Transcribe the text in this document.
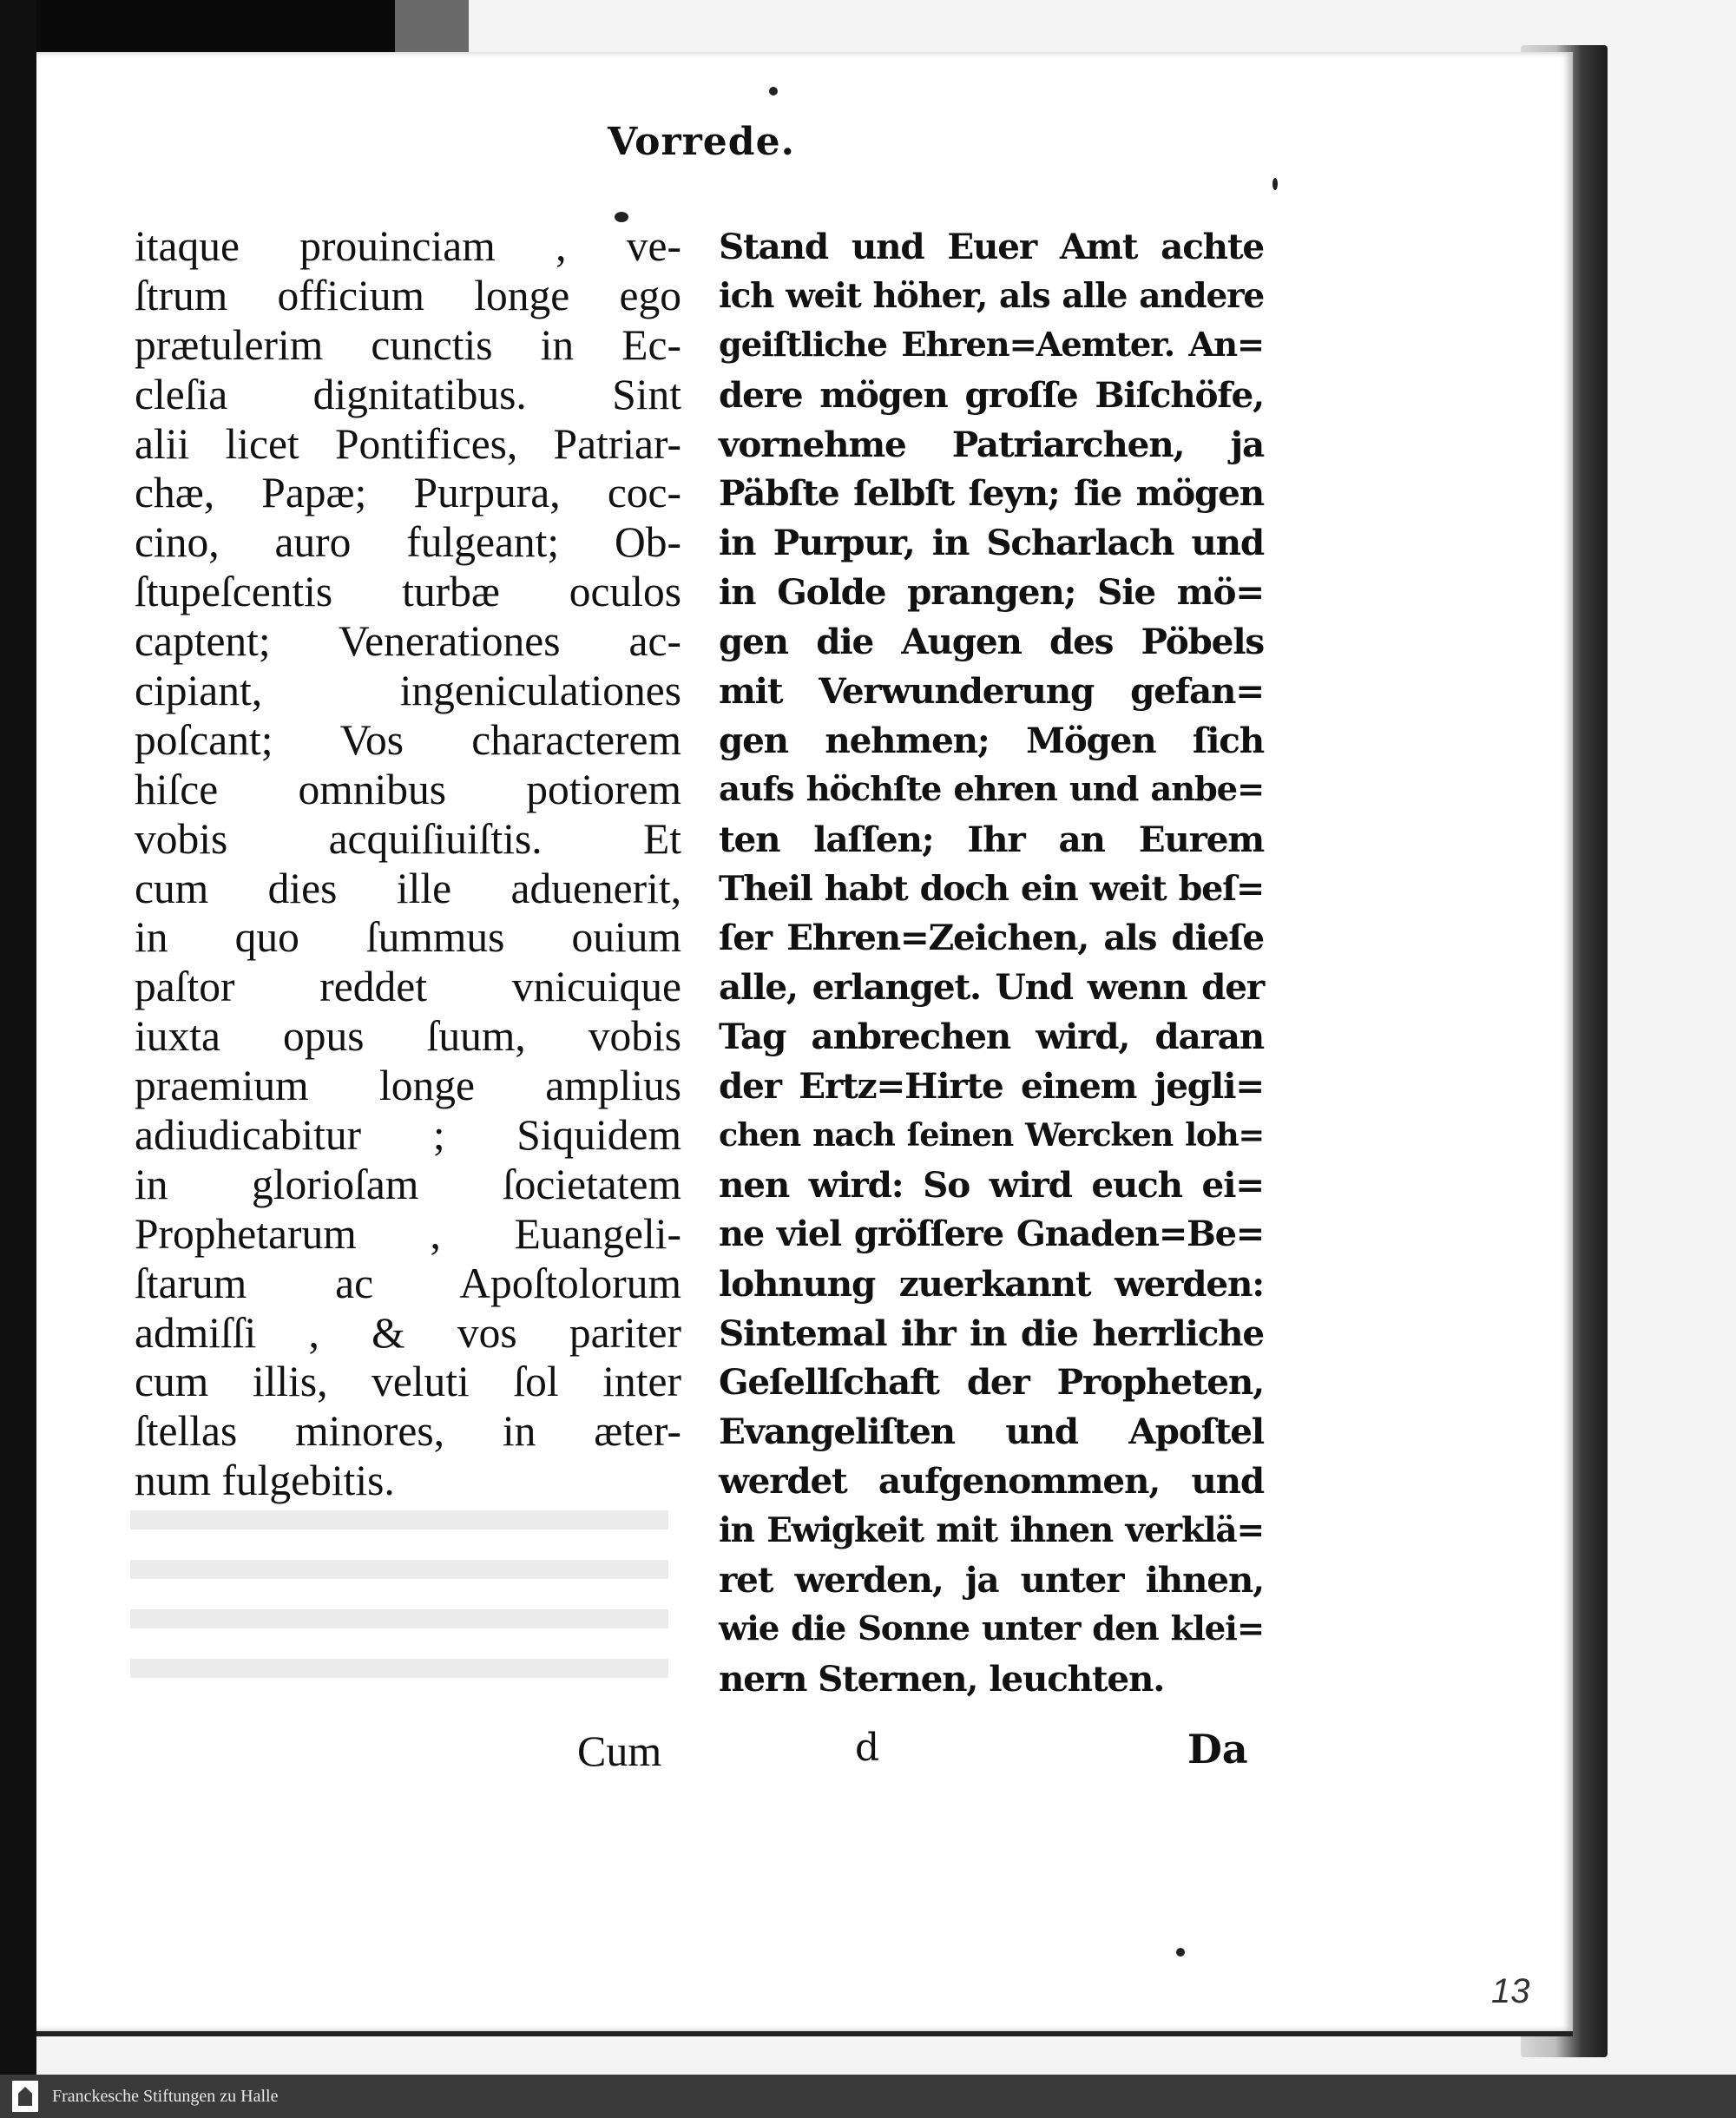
Vorrede.
itaque prouinciam , ve-
ſtrum officium longe ego
prætulerim cunctis in Ec-
cleſia dignitatibus. Sint
alii licet Pontifices, Patriar-
chæ, Papæ; Purpura, coc-
cino, auro fulgeant; Ob-
ſtupeſcentis turbæ oculos
captent; Venerationes ac-
cipiant, ingeniculationes
poſcant; Vos characterem
hiſce omnibus potiorem
vobis acquiſiuiſtis. Et
cum dies ille aduenerit,
in quo ſummus ouium
paſtor reddet vnicuique
iuxta opus ſuum, vobis
praemium longe amplius
adiudicabitur ; Siquidem
in glorioſam ſocietatem
Prophetarum , Euangeli-
ſtarum ac Apoſtolorum
admiſſi , & vos pariter
cum illis, veluti ſol inter
ſtellas minores, in æter-
num fulgebitis.
Stand und Euer Amt achte
ich weit höher, als alle andere
geiſtliche Ehren=Aemter. An=
dere mögen groſſe Biſchöfe,
vornehme Patriarchen, ja
Päbſte ſelbſt ſeyn; ſie mögen
in Purpur, in Scharlach und
in Golde prangen; Sie mö=
gen die Augen des Pöbels
mit Verwunderung gefan=
gen nehmen; Mögen ſich
aufs höchſte ehren und anbe=
ten laſſen; Ihr an Eurem
Theil habt doch ein weit beſ=
ſer Ehren=Zeichen, als dieſe
alle, erlanget. Und wenn der
Tag anbrechen wird, daran
der Ertz=Hirte einem jegli=
chen nach ſeinen Wercken loh=
nen wird: So wird euch ei=
ne viel gröſſere Gnaden=Be=
lohnung zuerkannt werden:
Sintemal ihr in die herrliche
Geſellſchaft der Propheten,
Evangeliſten und Apoſtel
werdet aufgenommen, und
in Ewigkeit mit ihnen verklä=
ret werden, ja unter ihnen,
wie die Sonne unter den klei=
nern Sternen, leuchten.
Cum	d	Da
13
Franckesche Stiftungen zu Halle
